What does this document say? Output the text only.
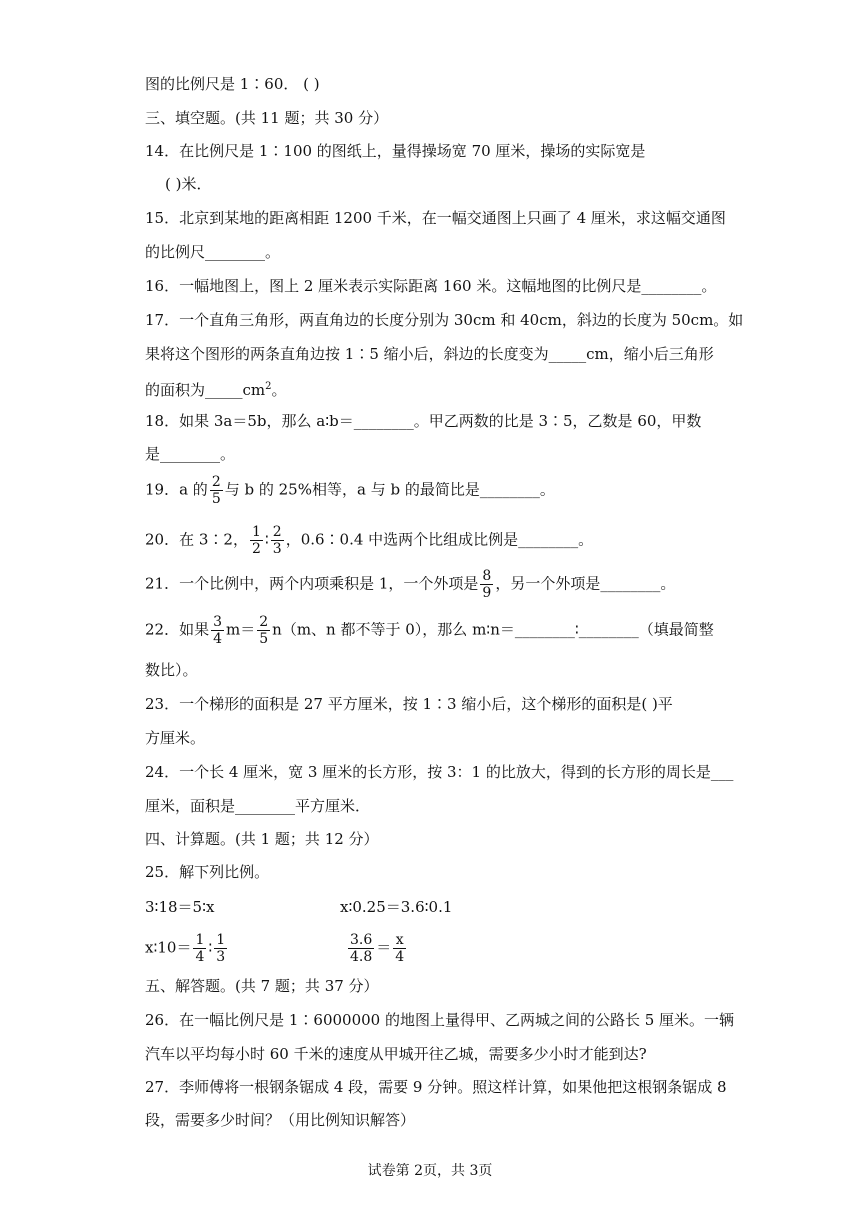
图的比例尺是 1∶60． ( )
三、填空题。(共 11 题；共 30 分）
14．在比例尺是 1∶100 的图纸上，量得操场宽 70 厘米，操场的实际宽是
( )米．
15．北京到某地的距离相距 1200 千米，在一幅交通图上只画了 4 厘米，求这幅交通图
的比例尺________。
16．一幅地图上，图上 2 厘米表示实际距离 160 米。这幅地图的比例尺是________。
17．一个直角三角形，两直角边的长度分别为 30cm 和 40cm，斜边的长度为 50cm。如
果将这个图形的两条直角边按 1∶5 缩小后，斜边的长度变为_____cm，缩小后三角形
的面积为$\_\_\_\_\_cm^2$。
18．如果 3a＝5b，那么 a∶b＝________。甲乙两数的比是 3∶5，乙数是 60，甲数
是________。
19．a 的 $\frac{2}{5}$ 与 b 的 25%相等，a 与 b 的最简比是________。
20．在 3∶2， $\frac{1}{2}$ ∶ $\frac{2}{3}$ ，0.6∶0.4 中选两个比组成比例是________。
21．一个比例中，两个内项乘积是 1，一个外项是 $\frac{8}{9}$ ，另一个外项是________。
22．如果 $\frac{3}{4} m= \frac{2}{5} n(m$、n 都不等于 0），那么 m∶n＝________∶________（填最简整
数比）。
23．一个梯形的面积是 27 平方厘米，按 1∶3 缩小后，这个梯形的面积是( )平
方厘米。
24．一个长 4 厘米，宽 3 厘米的长方形，按 3：1 的比放大，得到的长方形的周长是___
厘米，面积是________平方厘米．
四、计算题。(共 1 题；共 12 分）
25．解下列比例。
3∶18＝5∶x	x∶0.25＝3.6∶0.1
x∶10＝ $\frac{1}{4}$ ∶ $\frac{1}{3}$	$\frac{3.6}{4.8} = \frac{x}{4}$
五、解答题。(共 7 题；共 37 分）
26．在一幅比例尺是 1∶6000000 的地图上量得甲、乙两城之间的公路长 5 厘米。一辆
汽车以平均每小时 60 千米的速度从甲城开往乙城，需要多少小时才能到达?
27．李师傅将一根钢条锯成 4 段，需要 9 分钟。照这样计算，如果他把这根钢条锯成 8
段，需要多少时间？（用比例知识解答）
试卷第 2页，共 3页
